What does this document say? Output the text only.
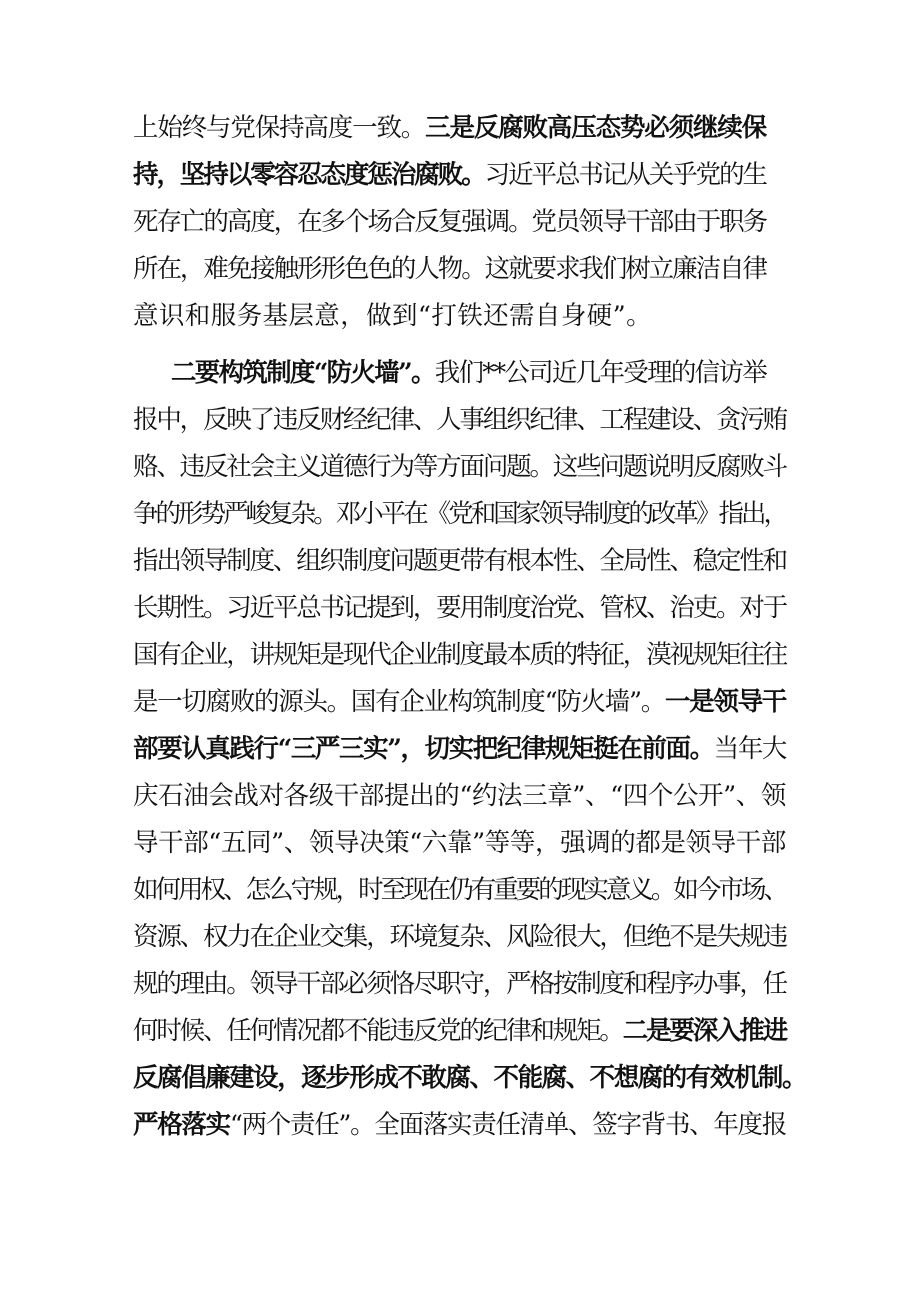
上始终与党保持高度一致。三是反腐败高压态势必须继续保
持，坚持以零容忍态度惩治腐败。习近平总书记从关乎党的生
死存亡的高度，在多个场合反复强调。党员领导干部由于职务
所在，难免接触形形色色的人物。这就要求我们树立廉洁自律
意识和服务基层意，做到“打铁还需自身硬”。
二要构筑制度“防火墙”。我们**公司近几年受理的信访举
报中，反映了违反财经纪律、人事组织纪律、工程建设、贪污贿
赂、违反社会主义道德行为等方面问题。这些问题说明反腐败斗
争的形势严峻复杂。邓小平在《党和国家领导制度的改革》指出，
指出领导制度、组织制度问题更带有根本性、全局性、稳定性和
长期性。习近平总书记提到，要用制度治党、管权、治吏。对于
国有企业，讲规矩是现代企业制度最本质的特征，漠视规矩往往
是一切腐败的源头。国有企业构筑制度“防火墙”。一是领导干
部要认真践行“三严三实”，切实把纪律规矩挺在前面。当年大
庆石油会战对各级干部提出的“约法三章”、“四个公开”、领
导干部“五同”、领导决策“六靠”等等，强调的都是领导干部
如何用权、怎么守规，时至现在仍有重要的现实意义。如今市场、
资源、权力在企业交集，环境复杂、风险很大，但绝不是失规违
规的理由。领导干部必须恪尽职守，严格按制度和程序办事，任
何时候、任何情况都不能违反党的纪律和规矩。二是要深入推进
反腐倡廉建设，逐步形成不敢腐、不能腐、不想腐的有效机制。
严格落实“两个责任”。全面落实责任清单、签字背书、年度报
